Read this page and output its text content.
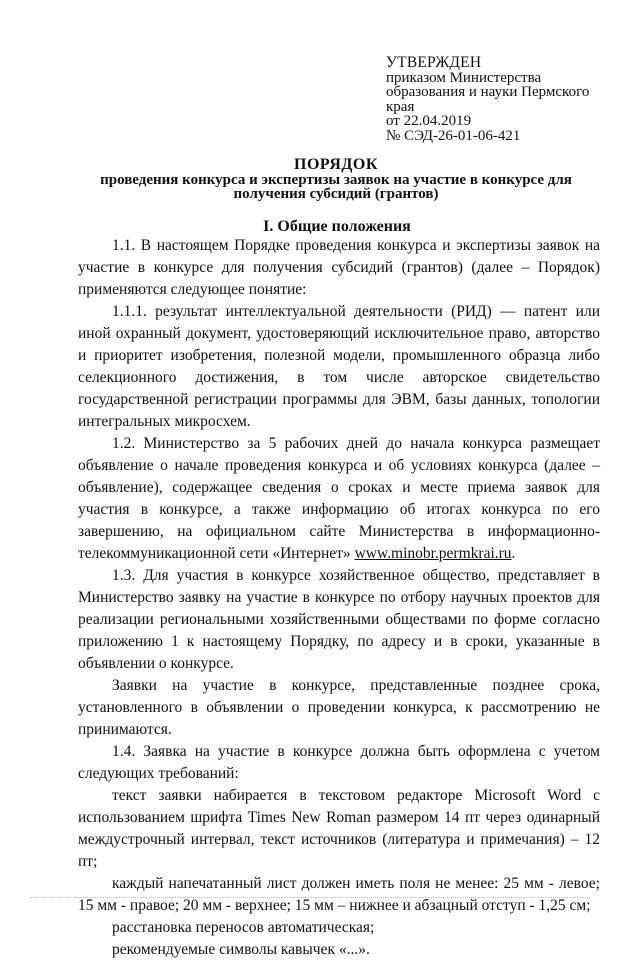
УТВЕРЖДЕН
приказом Министерства
образования и науки Пермского
края
от 22.04.2019
№ СЭД-26-01-06-421
ПОРЯДОК
проведения конкурса и экспертизы заявок на участие в конкурсе для
получения субсидий (грантов)
I. Общие положения

1.1. В настоящем Порядке проведения конкурса и экспертизы заявок на участие в конкурсе для получения субсидий (грантов) (далее – Порядок) применяются следующее понятие:

1.1.1. результат интеллектуальной деятельности (РИД) — патент или иной охранный документ, удостоверяющий исключительное право, авторство и приоритет изобретения, полезной модели, промышленного образца либо селекционного достижения, в том числе авторское свидетельство государственной регистрации программы для ЭВМ, базы данных, топологии интегральных микросхем.

1.2. Министерство за 5 рабочих дней до начала конкурса размещает объявление о начале проведения конкурса и об условиях конкурса (далее – объявление), содержащее сведения о сроках и месте приема заявок для участия в конкурсе, а также информацию об итогах конкурса по его завершению, на официальном сайте Министерства в информационно-телекоммуникационной сети «Интернет» www.minobr.permkrai.ru.

1.3. Для участия в конкурсе хозяйственное общество, представляет в Министерство заявку на участие в конкурсе по отбору научных проектов для реализации региональными хозяйственными обществами по форме согласно приложению 1 к настоящему Порядку, по адресу и в сроки, указанные в объявлении о конкурсе.

Заявки на участие в конкурсе, представленные позднее срока, установленного в объявлении о проведении конкурса, к рассмотрению не принимаются.

1.4. Заявка на участие в конкурсе должна быть оформлена с учетом следующих требований:

текст заявки набирается в текстовом редакторе Microsoft Word с использованием шрифта Times New Roman размером 14 пт через одинарный междустрочный интервал, текст источников (литература и примечания) – 12 пт;

каждый напечатанный лист должен иметь поля не менее: 25 мм - левое; 15 мм - правое; 20 мм - верхнее; 15 мм – нижнее и абзацный отступ - 1,25 см;

расстановка переносов автоматическая;

рекомендуемые символы кавычек «...».
